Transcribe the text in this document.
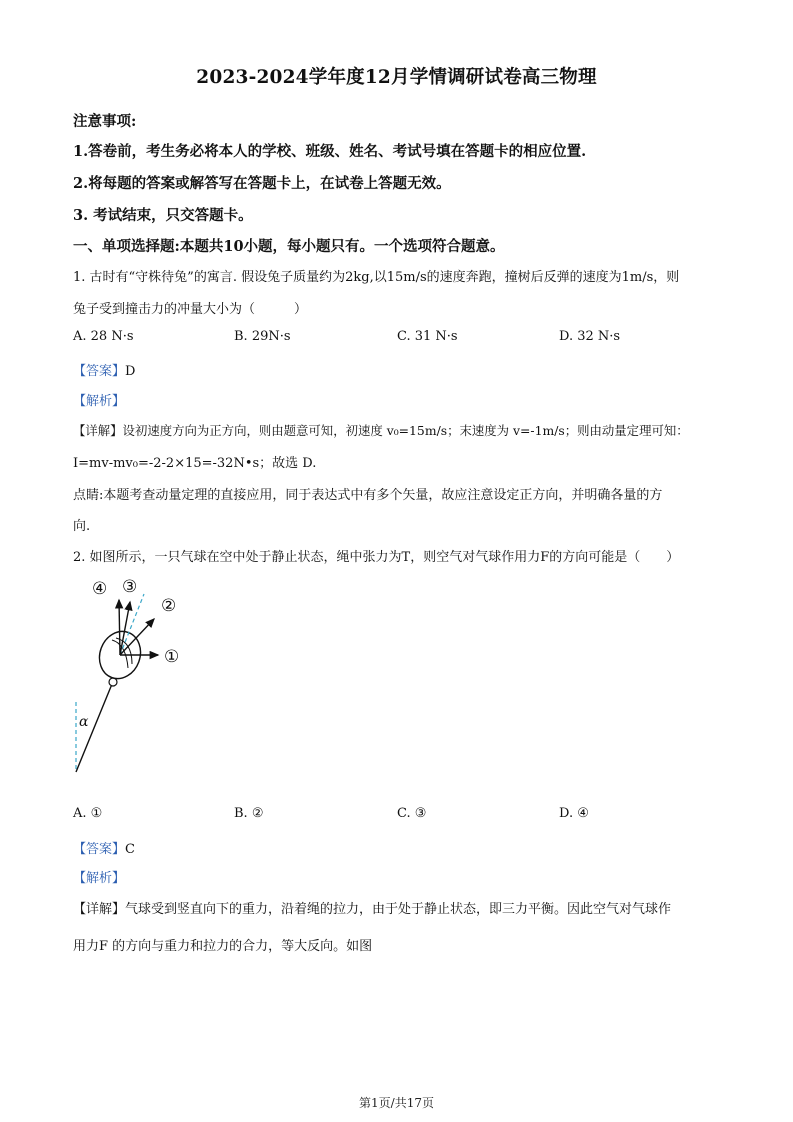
2023-2024学年度12月学情调研试卷高三物理
注意事项:
1.答卷前，考生务必将本人的学校、班级、姓名、考试号填在答题卡的相应位置.
2.将每题的答案或解答写在答题卡上，在试卷上答题无效。
3. 考试结束，只交答题卡。
一、单项选择题:本题共10小题，每小题只有。一个选项符合题意。
1. 古时有“守株待兔”的寓言. 假设兔子质量约为2kg,以15m/s的速度奔跑，撞树后反弹的速度为1m/s，则
兔子受到撞击力的冲量大小为（　　　）
A. 28 N·s	B. 29N·s	C. 31 N·s	D. 32 N·s
【答案】D
【解析】
【详解】设初速度方向为正方向，则由题意可知，初速度 v₀=15m/s；末速度为 v=-1m/s；则由动量定理可知：
I=mv-mv₀=-2-2×15=-32N•s；故选 D.
点睛:本题考查动量定理的直接应用，同于表达式中有多个矢量，故应注意设定正方向，并明确各量的方
向.
2. 如图所示，一只气球在空中处于静止状态，绳中张力为T，则空气对气球作用力F的方向可能是（　　）
④ ③
②
①
α
A. ①	B. ②	C. ③	D. ④
【答案】C
【解析】
【详解】气球受到竖直向下的重力，沿着绳的拉力，由于处于静止状态，即三力平衡。因此空气对气球作
用力F 的方向与重力和拉力的合力，等大反向。如图
第1页/共17页
